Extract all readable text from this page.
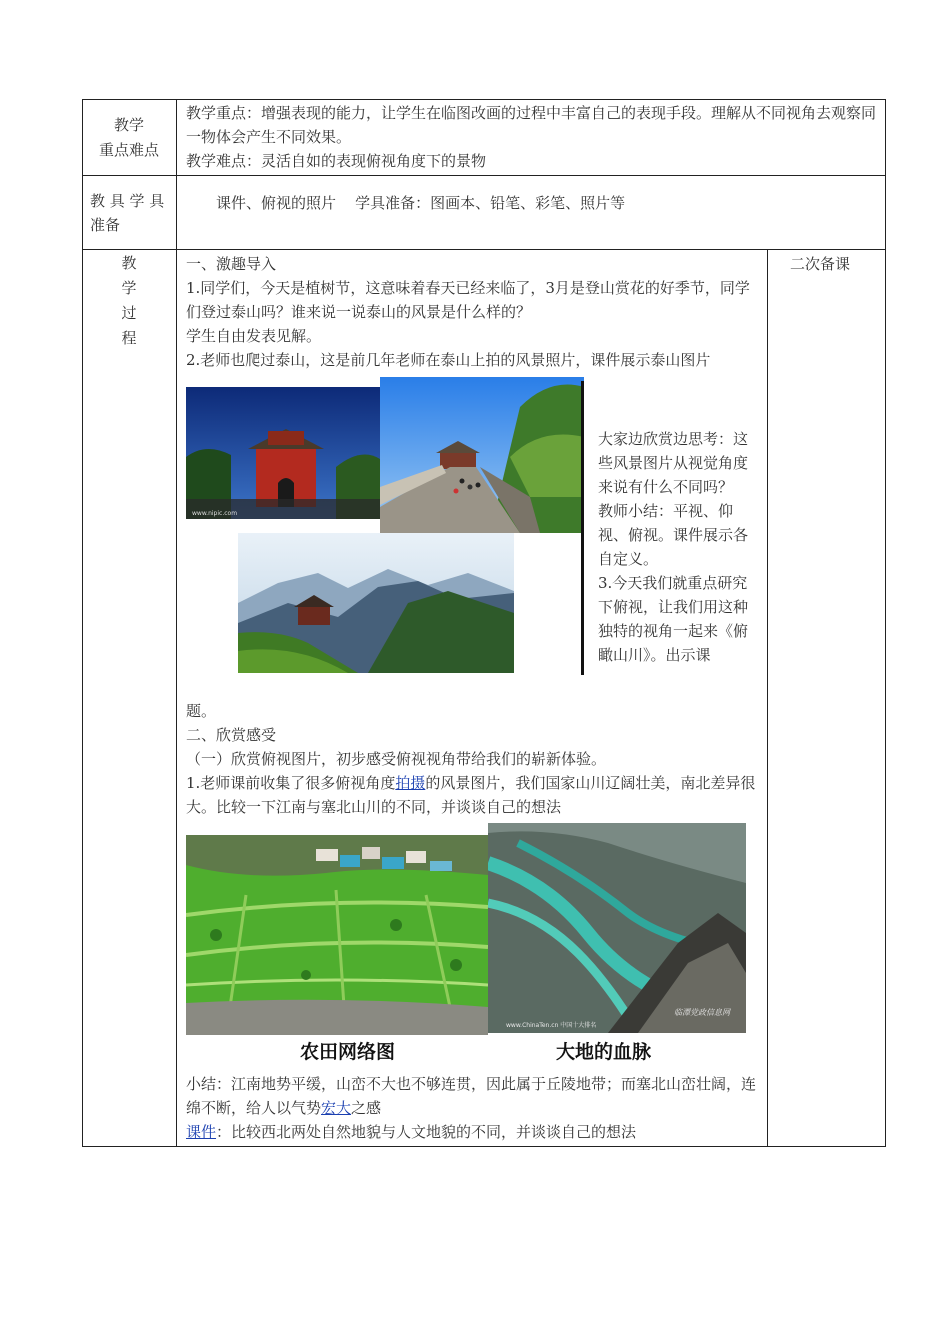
教学
重点难点

教学重点：增强表现的能力，让学生在临图改画的过程中丰富自己的表现手段。理解从不同视角去观察同一物体会产生不同效果。

教学难点：灵活自如的表现俯视角度下的景物

教 具 学 具
准备
课件、俯视的照片    学具准备：图画本、铅笔、彩笔、照片等
教
学
过
程
二次备课

一、激趣导入

1.同学们，今天是植树节，这意味着春天已经来临了，3月是登山赏花的好季节，同学们登过泰山吗？谁来说一说泰山的风景是什么样的？

学生自由发表见解。

2.老师也爬过泰山，这是前几年老师在泰山上拍的风景照片，课件展示泰山图片

大家边欣赏边思考：这些风景图片从视觉角度来说有什么不同吗？

教师小结：平视、仰视、俯视。课件展示各自定义。

3.今天我们就重点研究下俯视，让我们用这种独特的视角一起来《俯瞰山川》。出示课

www.nipic.com

题。

二、欣赏感受

（一）欣赏俯视图片，初步感受俯视视角带给我们的崭新体验。

1.老师课前收集了很多俯视角度拍摄的风景图片，我们国家山川辽阔壮美，南北差异很大。比较一下江南与塞北山川的不同，并谈谈自己的想法

www.ChinaTen.cn 中国十大排名
临潭党政信息网
农田网络图	大地的血脉

小结：江南地势平缓，山峦不大也不够连贯，因此属于丘陵地带；而塞北山峦壮阔，连绵不断，给人以气势宏大之感

课件：比较西北两处自然地貌与人文地貌的不同，并谈谈自己的想法
